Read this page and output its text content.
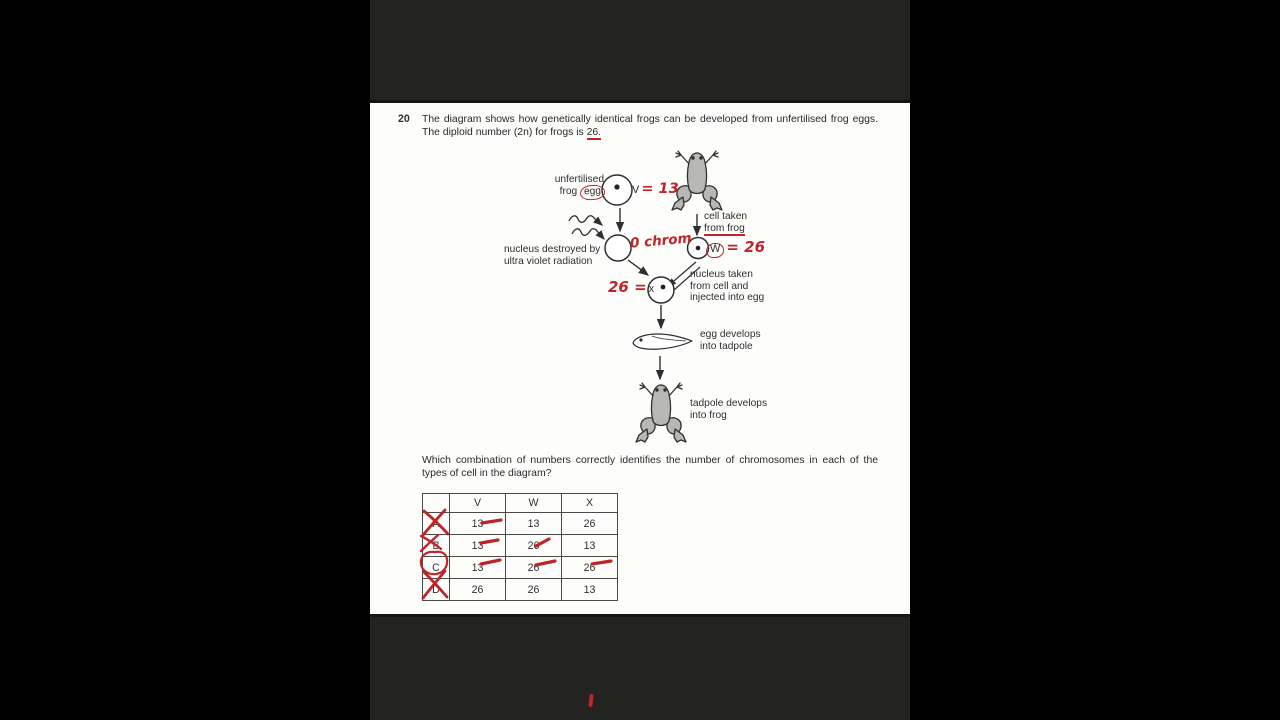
20 The diagram shows how genetically identical frogs can be developed from unfertilised frog eggs.
The diploid number (2n) for frogs is 26.
unfertilised
frog egg	V = 13
cell taken
from frog
nucleus destroyed by
ultra violet radiation
0 chrom	W = 26
26 = x
nucleus taken
from cell and
injected into egg
egg develops
into tadpole
tadpole develops
into frog
Which combination of numbers correctly identifies the number of chromosomes in each of the
types of cell in the diagram?
	V	W	X
A	13	13	26
B	13	26	13
C	13	26	26
D	26	26	13
